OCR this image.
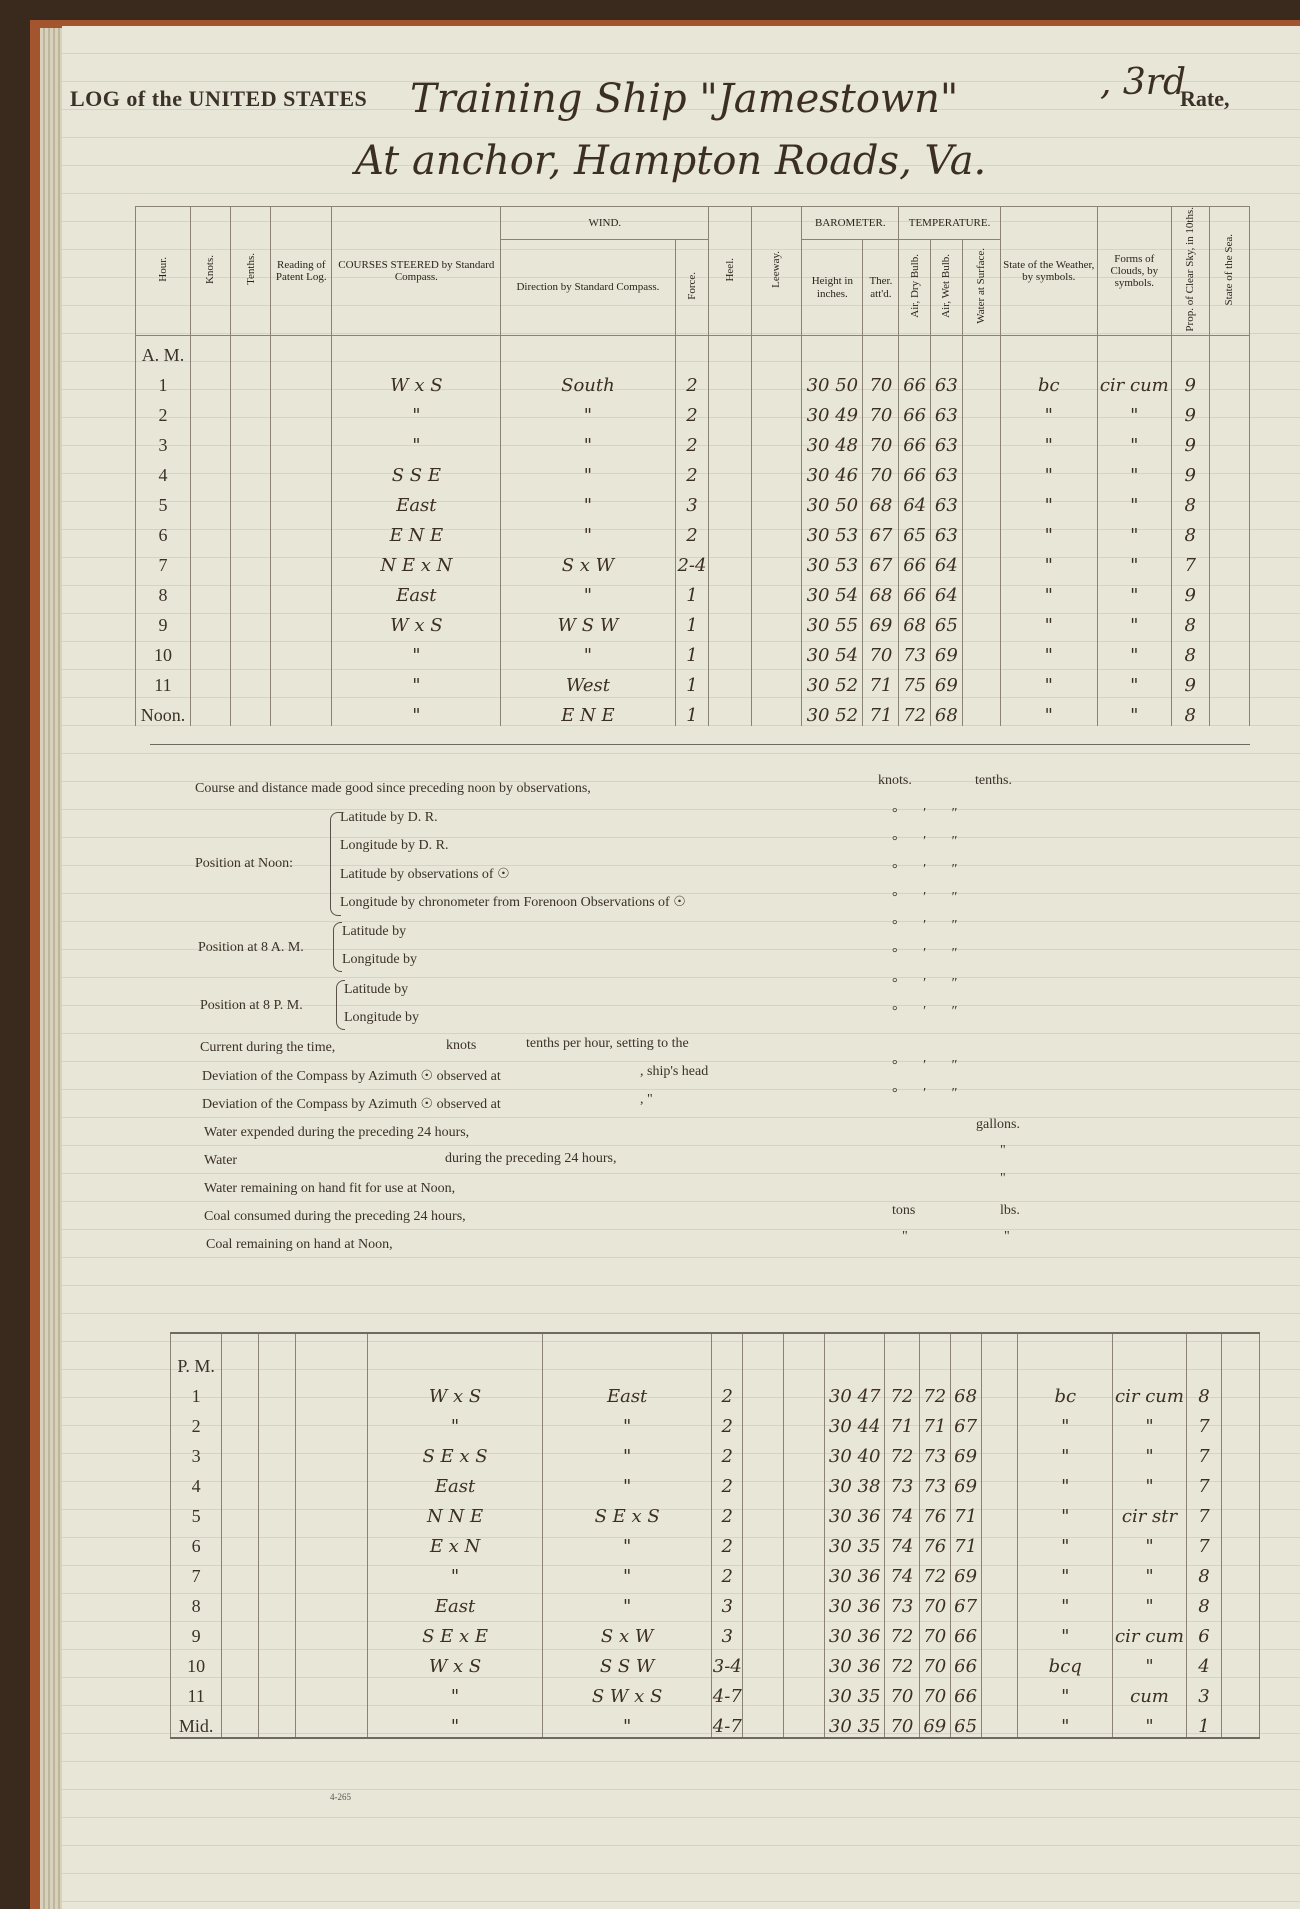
LOG of the UNITED STATES Training Ship "Jamestown"	, 3rd
Rate,
At anchor, Hampton Roads, Va.
Hour.	Knots.	Tenths.	Reading of Patent Log.	COURSES STEERED by Standard Compass.	WIND.		Heel.	Leeway.	BAROMETER.		TEMPERATURE.			State of the Weather, by symbols.	Forms of Clouds, by symbols.	Prop. of Clear Sky, in 10ths.	State of the Sea.
					Direction by Standard Compass.	Force.			Height in inches.	Ther. att'd.	Air, Dry Bulb.	Air, Wet Bulb.	Water at Surface.				
A. M.																	
1				W x S	South	2			30 50	70	66	63		bc	cir cum	9	
2				"	"	2			30 49	70	66	63		"	"	9	
3				"	"	2			30 48	70	66	63		"	"	9	
4				S S E	"	2			30 46	70	66	63		"	"	9	
5				East	"	3			30 50	68	64	63		"	"	8	
6				E N E	"	2			30 53	67	65	63		"	"	8	
7				N E x N	S x W	2-4			30 53	67	66	64		"	"	7	
8				East	"	1			30 54	68	66	64		"	"	9	
9				W x S	W S W	1			30 55	69	68	65		"	"	8	
10				"	"	1			30 54	70	73	69		"	"	8	
11				"	West	1			30 52	71	75	69		"	"	9	
Noon.				"	E N E	1			30 52	71	72	68		"	"	8	
Course and distance made good since preceding noon by observations,
knots.	tenths.
Position at Noon:
Latitude by D. R.
Longitude by D. R.
Latitude by observations of ☉
Longitude by chronometer from Forenoon Observations of ☉
Position at 8 A. M.
Latitude by
Longitude by
Position at 8 P. M.
Latitude by
Longitude by
° ′ ″
° ′ ″
° ′ ″
° ′ ″
° ′ ″
° ′ ″
° ′ ″
° ′ ″
° ′ ″
° ′ ″
Current during the time,	knots	tenths per hour, setting to the
Deviation of the Compass by Azimuth ☉ observed at	, ship's head
Deviation of the Compass by Azimuth ☉ observed at	, "
Water expended during the preceding 24 hours,
gallons.
Water	during the preceding 24 hours,
"
Water remaining on hand fit for use at Noon,
"
Coal consumed during the preceding 24 hours,	tons	lbs.
Coal remaining on hand at Noon,
"	"
P. M.																	
1				W x S	East	2			30 47	72	72	68		bc	cir cum	8	
2				"	"	2			30 44	71	71	67		"	"	7	
3				S E x S	"	2			30 40	72	73	69		"	"	7	
4				East	"	2			30 38	73	73	69		"	"	7	
5				N N E	S E x S	2			30 36	74	76	71		"	cir str	7	
6				E x N	"	2			30 35	74	76	71		"	"	7	
7				"	"	2			30 36	74	72	69		"	"	8	
8				East	"	3			30 36	73	70	67		"	"	8	
9				S E x E	S x W	3			30 36	72	70	66		"	cir cum	6	
10				W x S	S S W	3-4			30 36	72	70	66		bcq	"	4	
11				"	S W x S	4-7			30 35	70	70	66		"	cum	3	
Mid.				"	"	4-7			30 35	70	69	65		"	"	1	
4-265
